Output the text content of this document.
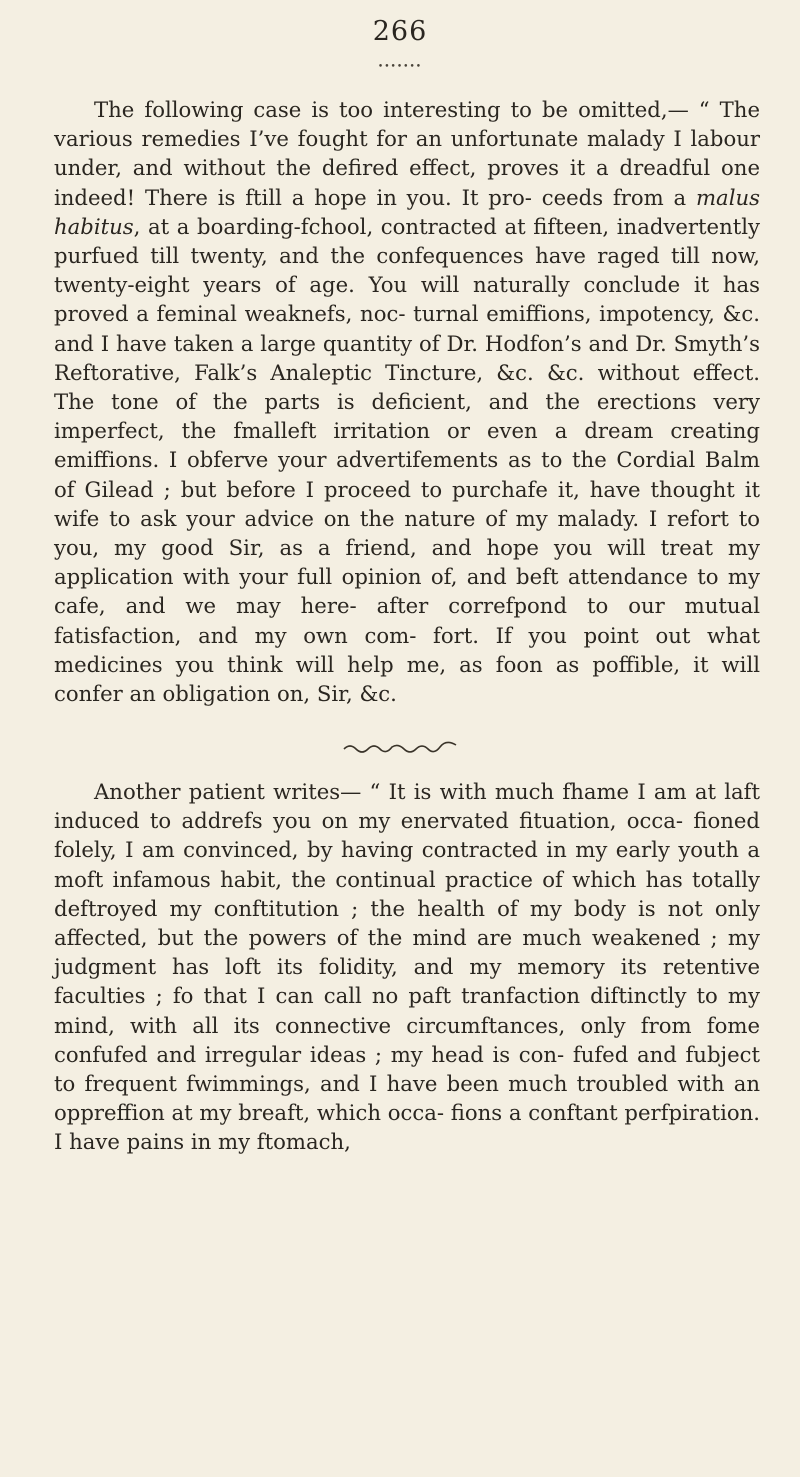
266
•••••••

The following case is too interesting to be omitted,— “ The various remedies I’ve fought for an unfortunate malady I labour under, and without the defired effect, proves it a dreadful one indeed! There is ftill a hope in you. It pro- ceeds from a malus habitus, at a boarding-fchool, contracted at fifteen, inadvertently purfued till twenty, and the confequences have raged till now, twenty-eight years of age. You will naturally conclude it has proved a feminal weaknefs, noc- turnal emiffions, impotency, &c. and I have taken a large quantity of Dr. Hodfon’s and Dr. Smyth’s Reftorative, Falk’s Analeptic Tincture, &c. &c. without effect. The tone of the parts is deficient, and the erections very imperfect, the fmalleft irritation or even a dream creating emiffions. I obferve your advertifements as to the Cordial Balm of Gilead ; but before I proceed to purchafe it, have thought it wife to ask your advice on the nature of my malady. I refort to you, my good Sir, as a friend, and hope you will treat my application with your full opinion of, and beft attendance to my cafe, and we may here- after correfpond to our mutual fatisfaction, and my own com- fort. If you point out what medicines you think will help me, as foon as poffible, it will confer an obligation on, Sir, &c.

Another patient writes— “ It is with much fhame I am at laft induced to addrefs you on my enervated fituation, occa- fioned folely, I am convinced, by having contracted in my early youth a moft infamous habit, the continual practice of which has totally deftroyed my conftitution ; the health of my body is not only affected, but the powers of the mind are much weakened ; my judgment has loft its folidity, and my memory its retentive faculties ; fo that I can call no paft tranfaction diftinctly to my mind, with all its connective circumftances, only from fome confufed and irregular ideas ; my head is con- fufed and fubject to frequent fwimmings, and I have been much troubled with an oppreffion at my breaft, which occa- fions a conftant perfpiration. I have pains in my ftomach,
